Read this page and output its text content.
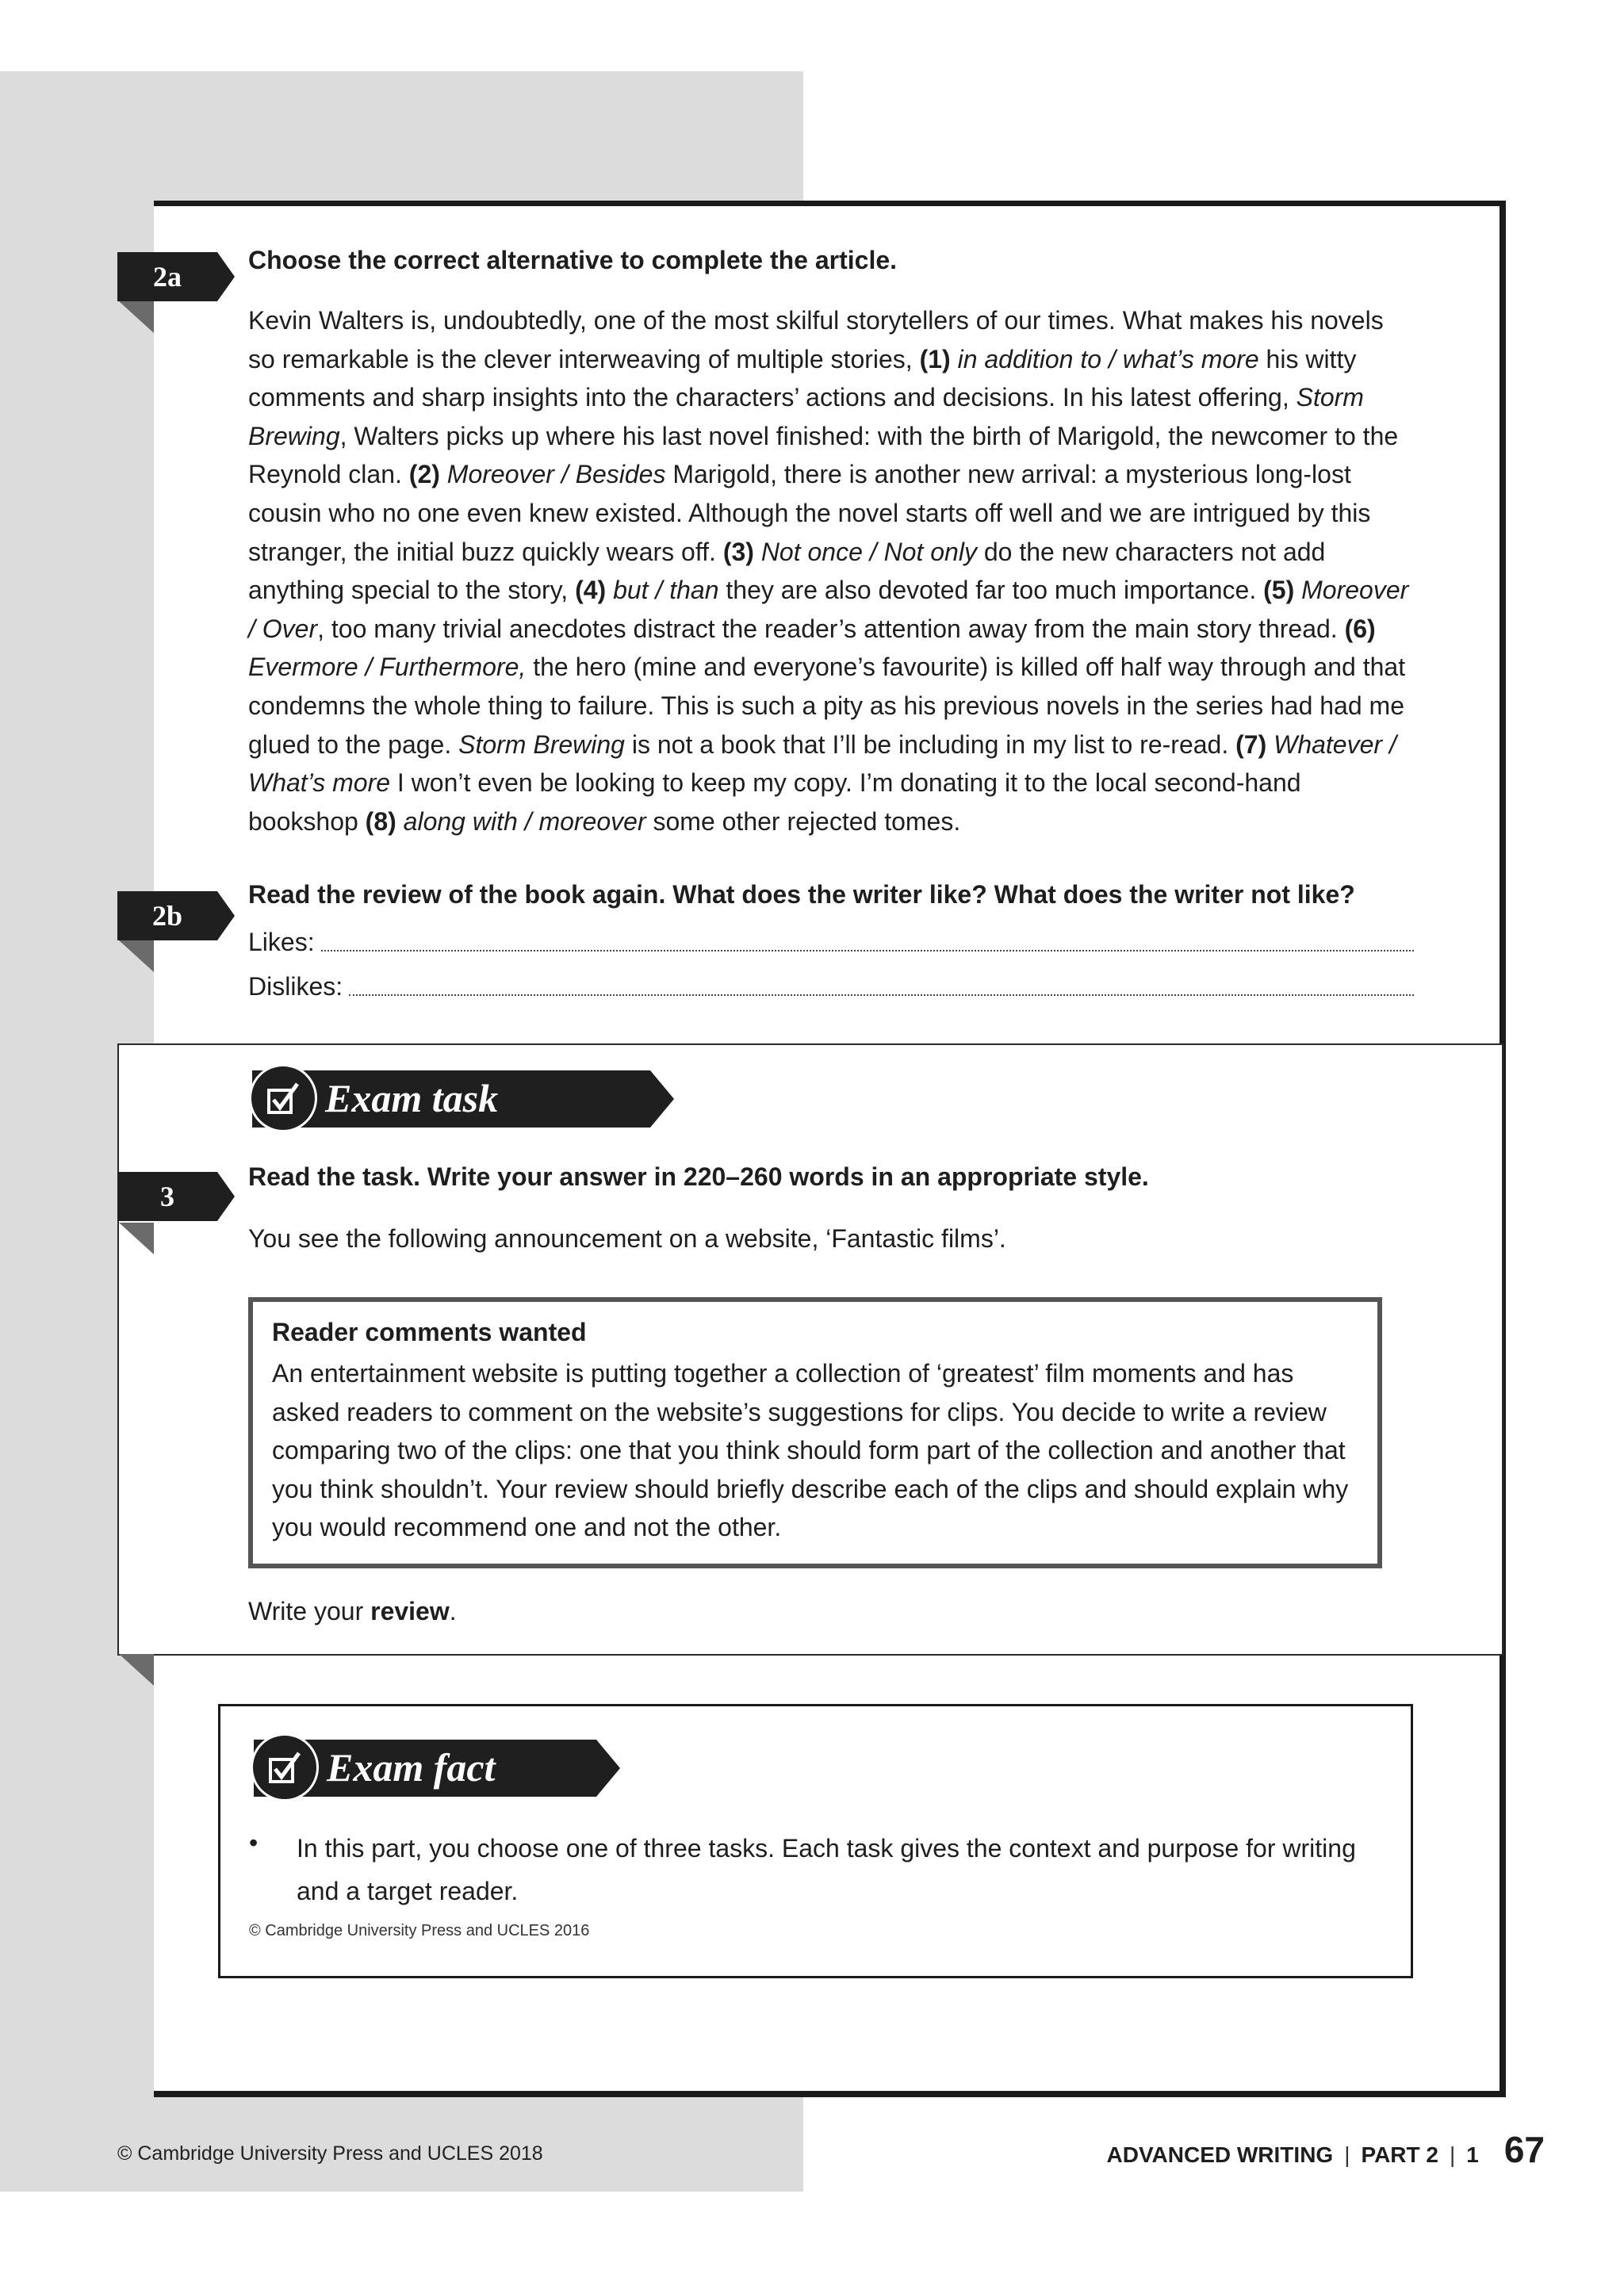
2a
Choose the correct alternative to complete the article.

Kevin Walters is, undoubtedly, one of the most skilful storytellers of our times. What makes his novels so remarkable is the clever interweaving of multiple stories, (1) in addition to / what’s more his witty comments and sharp insights into the characters’ actions and decisions. In his latest offering, Storm Brewing, Walters picks up where his last novel finished: with the birth of Marigold, the newcomer to the Reynold clan. (2) Moreover / Besides Marigold, there is another new arrival: a mysterious long-lost cousin who no one even knew existed. Although the novel starts off well and we are intrigued by this stranger, the initial buzz quickly wears off. (3) Not once / Not only do the new characters not add anything special to the story, (4) but / than they are also devoted far too much importance. (5) Moreover / Over, too many trivial anecdotes distract the reader’s attention away from the main story thread. (6) Evermore / Furthermore, the hero (mine and everyone’s favourite) is killed off half way through and that condemns the whole thing to failure. This is such a pity as his previous novels in the series had had me glued to the page. Storm Brewing is not a book that I’ll be including in my list to re-read. (7) Whatever / What’s more I won’t even be looking to keep my copy. I’m donating it to the local second-hand bookshop (8) along with / moreover some other rejected tomes.

2b
Read the review of the book again. What does the writer like? What does the writer not like?
Likes:
Dislikes:
Exam task
3
Read the task. Write your answer in 220–260 words in an appropriate style.
You see the following announcement on a website, ‘Fantastic films’.
Reader comments wanted
An entertainment website is putting together a collection of ‘greatest’ film moments and has asked readers to comment on the website’s suggestions for clips. You decide to write a review comparing two of the clips: one that you think should form part of the collection and another that you think shouldn’t. Your review should briefly describe each of the clips and should explain why you would recommend one and not the other.
Write your review.
Exam fact
• In this part, you choose one of three tasks. Each task gives the context and purpose for writing and a target reader.
© Cambridge University Press and UCLES 2016
© Cambridge University Press and UCLES 2018	ADVANCED WRITING | PART 2 | 1 67
